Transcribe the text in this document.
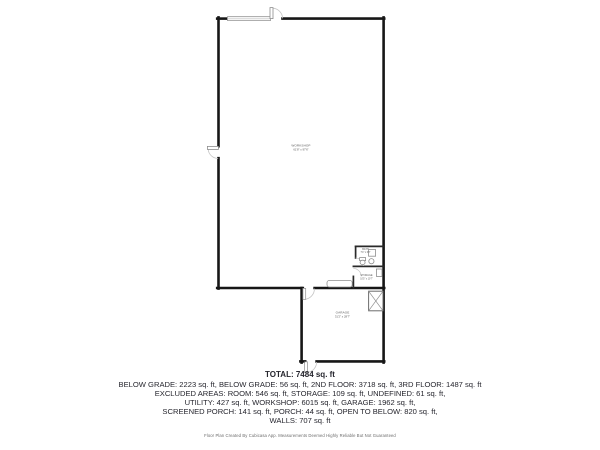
WORKSHOP
61'8" x 97'6"
GARAGE
31'2" x 28'7"
BATH
7'4" x 6'8"
STORAGE
10'5" x 10'7"
TOTAL: 7484 sq. ft
BELOW GRADE: 2223 sq. ft, BELOW GRADE: 56 sq. ft, 2ND FLOOR: 3718 sq. ft, 3RD FLOOR: 1487 sq. ft
EXCLUDED AREAS: ROOM: 546 sq. ft, STORAGE: 109 sq. ft, UNDEFINED: 61 sq. ft,
UTILITY: 427 sq. ft, WORKSHOP: 6015 sq. ft, GARAGE: 1962 sq. ft,
SCREENED PORCH: 141 sq. ft, PORCH: 44 sq. ft, OPEN TO BELOW: 820 sq. ft,
WALLS: 707 sq. ft
Floor Plan Created By Cubicasa App. Measurements Deemed Highly Reliable But Not Guaranteed
